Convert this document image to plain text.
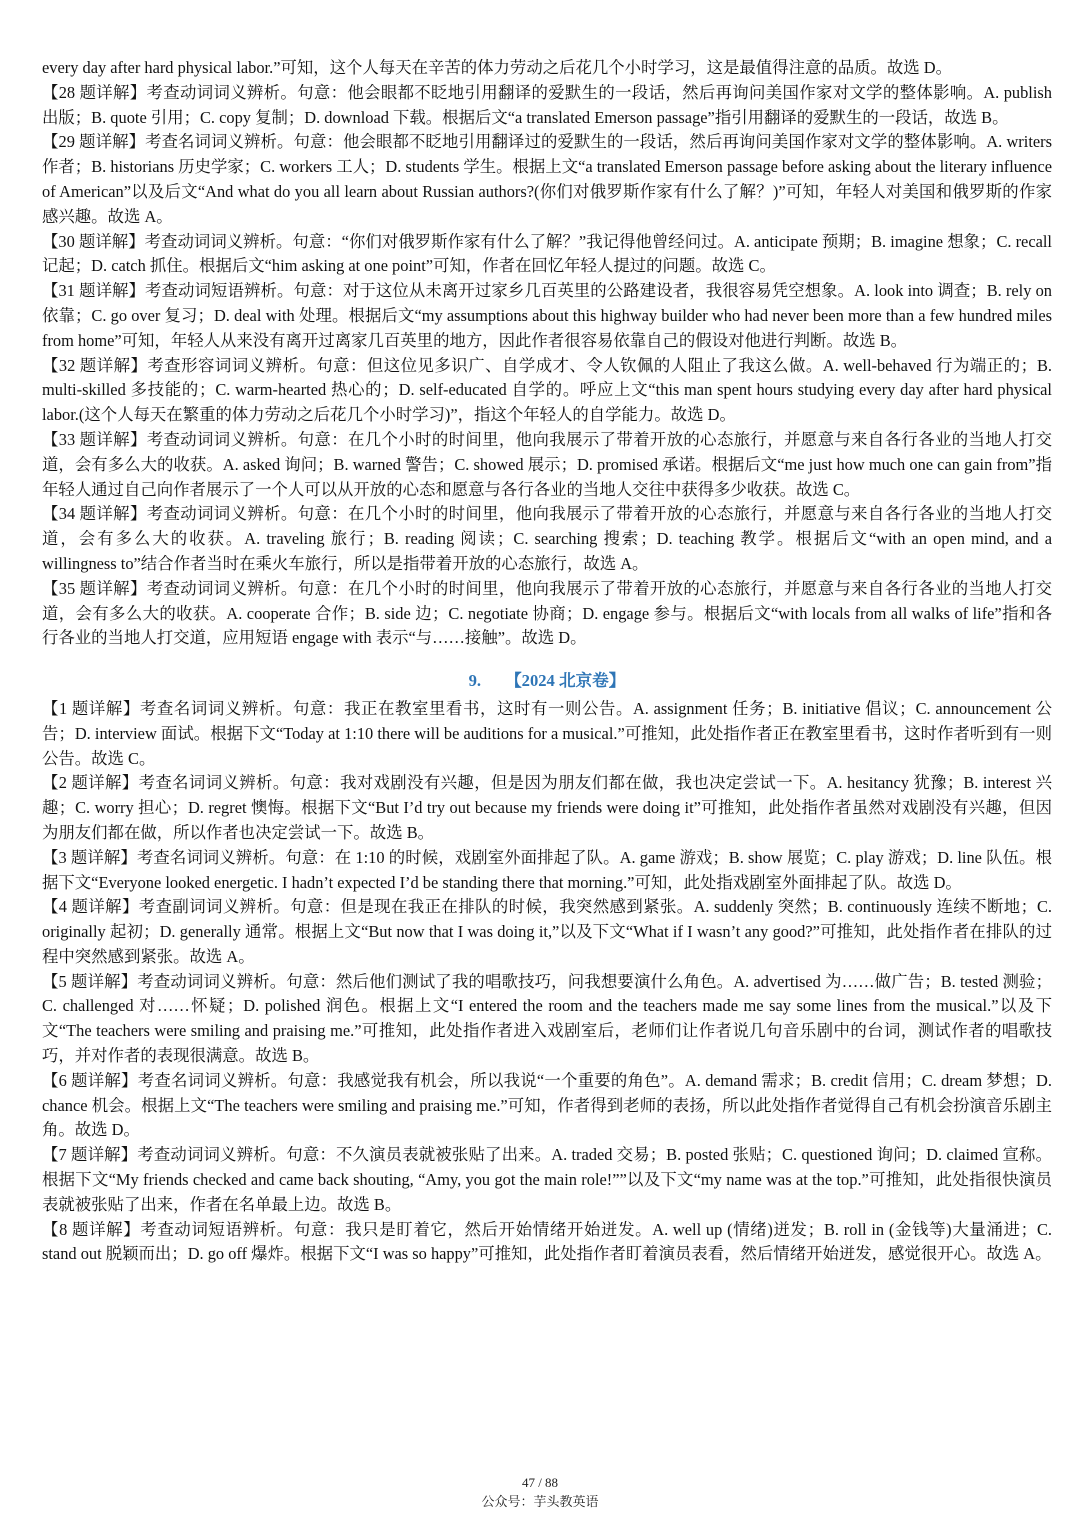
every day after hard physical labor.”可知，这个人每天在辛苦的体力劳动之后花几个小时学习，这是最值得注意的品质。故选 D。

【28 题详解】考查动词词义辨析。句意：他会眼都不眨地引用翻译的爱默生的一段话，然后再询问美国作家对文学的整体影响。A. publish 出版；B. quote 引用；C. copy 复制；D. download 下载。根据后文“a translated Emerson passage”指引用翻译的爱默生的一段话，故选 B。

【29 题详解】考查名词词义辨析。句意：他会眼都不眨地引用翻译过的爱默生的一段话，然后再询问美国作家对文学的整体影响。A. writers 作者；B. historians 历史学家；C. workers 工人；D. students 学生。根据上文“a translated Emerson passage before asking about the literary influence of American”以及后文“And what do you all learn about Russian authors?(你们对俄罗斯作家有什么了解？)”可知，年轻人对美国和俄罗斯的作家感兴趣。故选 A。

【30 题详解】考查动词词义辨析。句意：“你们对俄罗斯作家有什么了解？”我记得他曾经问过。A. anticipate 预期；B. imagine 想象；C. recall 记起；D. catch 抓住。根据后文“him asking at one point”可知，作者在回忆年轻人提过的问题。故选 C。

【31 题详解】考查动词短语辨析。句意：对于这位从未离开过家乡几百英里的公路建设者，我很容易凭空想象。A. look into 调查；B. rely on 依靠；C. go over 复习；D. deal with 处理。根据后文“my assumptions about this highway builder who had never been more than a few hundred miles from home”可知，年轻人从来没有离开过离家几百英里的地方，因此作者很容易依靠自己的假设对他进行判断。故选 B。

【32 题详解】考查形容词词义辨析。句意：但这位见多识广、自学成才、令人钦佩的人阻止了我这么做。A. well-behaved 行为端正的；B. multi-skilled 多技能的；C. warm-hearted 热心的；D. self-educated 自学的。呼应上文“this man spent hours studying every day after hard physical labor.(这个人每天在繁重的体力劳动之后花几个小时学习)”，指这个年轻人的自学能力。故选 D。

【33 题详解】考查动词词义辨析。句意：在几个小时的时间里，他向我展示了带着开放的心态旅行，并愿意与来自各行各业的当地人打交道，会有多么大的收获。A. asked 询问；B. warned 警告；C. showed 展示；D. promised 承诺。根据后文“me just how much one can gain from”指年轻人通过自己向作者展示了一个人可以从开放的心态和愿意与各行各业的当地人交往中获得多少收获。故选 C。

【34 题详解】考查动词词义辨析。句意：在几个小时的时间里，他向我展示了带着开放的心态旅行，并愿意与来自各行各业的当地人打交道，会有多么大的收获。A. traveling 旅行；B. reading 阅读；C. searching 搜索；D. teaching 教学。根据后文“with an open mind, and a willingness to”结合作者当时在乘火车旅行，所以是指带着开放的心态旅行，故选 A。

【35 题详解】考查动词词义辨析。句意：在几个小时的时间里，他向我展示了带着开放的心态旅行，并愿意与来自各行各业的当地人打交道，会有多么大的收获。A. cooperate 合作；B. side 边；C. negotiate 协商；D. engage 参与。根据后文“with locals from all walks of life”指和各行各业的当地人打交道，应用短语 engage with 表示“与……接触”。故选 D。

9. 【2024 北京卷】

【1 题详解】考查名词词义辨析。句意：我正在教室里看书，这时有一则公告。A. assignment 任务；B. initiative 倡议；C. announcement 公告；D. interview 面试。根据下文“Today at 1:10 there will be auditions for a musical.”可推知，此处指作者正在教室里看书，这时作者听到有一则公告。故选 C。

【2 题详解】考查名词词义辨析。句意：我对戏剧没有兴趣，但是因为朋友们都在做，我也决定尝试一下。A. hesitancy 犹豫；B. interest 兴趣；C. worry 担心；D. regret 懊悔。根据下文“But I’d try out because my friends were doing it”可推知，此处指作者虽然对戏剧没有兴趣，但因为朋友们都在做，所以作者也决定尝试一下。故选 B。

【3 题详解】考查名词词义辨析。句意：在 1:10 的时候，戏剧室外面排起了队。A. game 游戏；B. show 展览；C. play 游戏；D. line 队伍。根据下文“Everyone looked energetic. I hadn’t expected I’d be standing there that morning.”可知，此处指戏剧室外面排起了队。故选 D。

【4 题详解】考查副词词义辨析。句意：但是现在我正在排队的时候，我突然感到紧张。A. suddenly 突然；B. continuously 连续不断地；C. originally 起初；D. generally 通常。根据上文“But now that I was doing it,”以及下文“What if I wasn’t any good?”可推知，此处指作者在排队的过程中突然感到紧张。故选 A。

【5 题详解】考查动词词义辨析。句意：然后他们测试了我的唱歌技巧，问我想要演什么角色。A. advertised 为……做广告；B. tested 测验；C. challenged 对……怀疑；D. polished 润色。根据上文“I entered the room and the teachers made me say some lines from the musical.”以及下文“The teachers were smiling and praising me.”可推知，此处指作者进入戏剧室后，老师们让作者说几句音乐剧中的台词，测试作者的唱歌技巧，并对作者的表现很满意。故选 B。

【6 题详解】考查名词词义辨析。句意：我感觉我有机会，所以我说“一个重要的角色”。A. demand 需求；B. credit 信用；C. dream 梦想；D. chance 机会。根据上文“The teachers were smiling and praising me.”可知，作者得到老师的表扬，所以此处指作者觉得自己有机会扮演音乐剧主角。故选 D。

【7 题详解】考查动词词义辨析。句意：不久演员表就被张贴了出来。A. traded 交易；B. posted 张贴；C. questioned 询问；D. claimed 宣称。根据下文“My friends checked and came back shouting, “Amy, you got the main role!””以及下文“my name was at the top.”可推知，此处指很快演员表就被张贴了出来，作者在名单最上边。故选 B。

【8 题详解】考查动词短语辨析。句意：我只是盯着它，然后开始情绪开始迸发。A. well up (情绪)迸发；B. roll in (金钱等)大量涌进；C. stand out 脱颖而出；D. go off 爆炸。根据下文“I was so happy”可推知，此处指作者盯着演员表看，然后情绪开始迸发，感觉很开心。故选 A。

47 / 88
公众号：芋头教英语
